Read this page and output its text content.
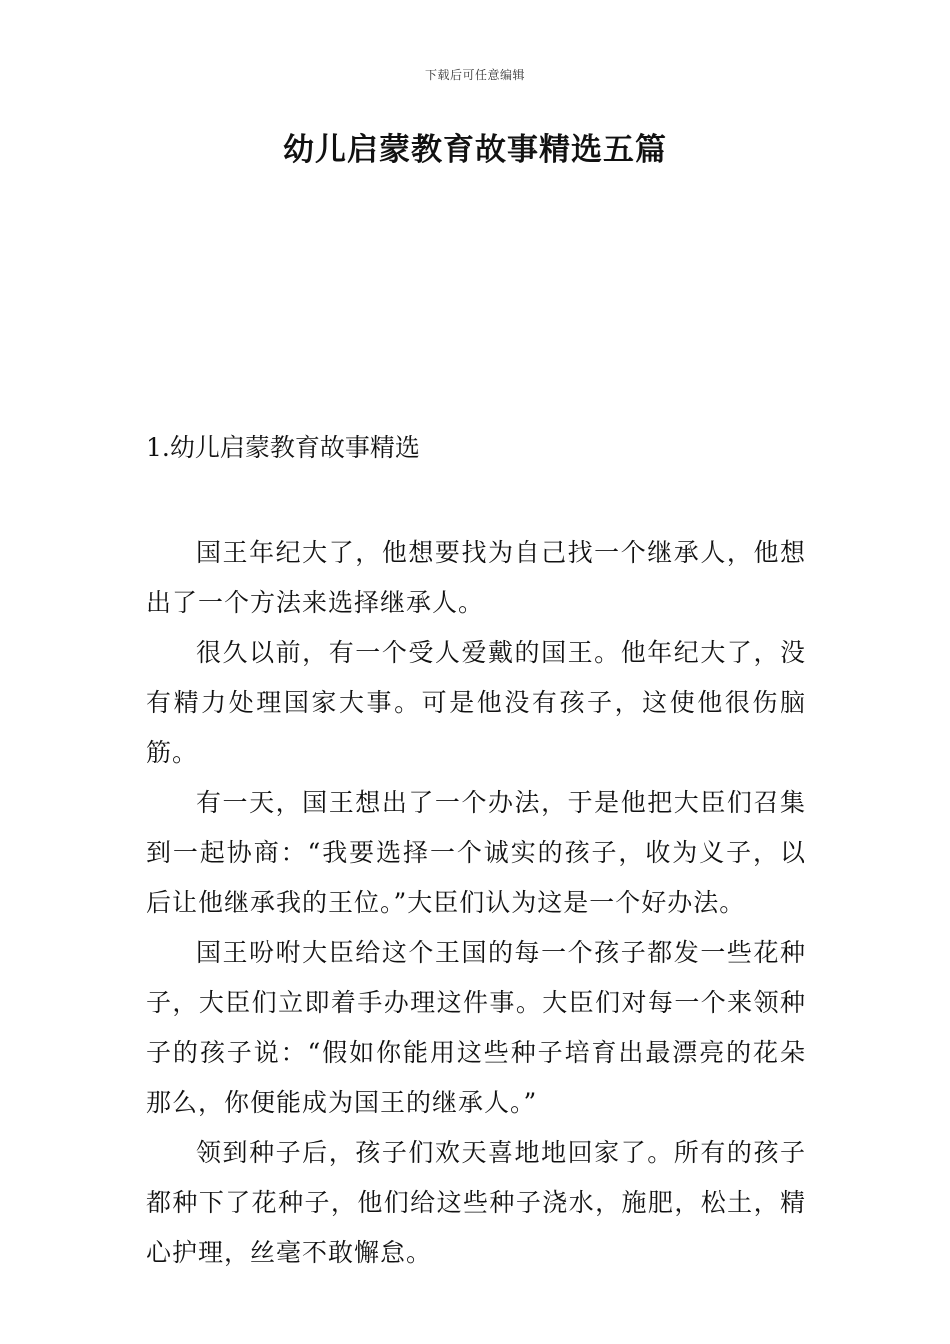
下载后可任意编辑
幼儿启蒙教育故事精选五篇
1.幼儿启蒙教育故事精选

国王年纪大了，他想要找为自己找一个继承人，他想出了一个方法来选择继承人。

很久以前，有一个受人爱戴的国王。他年纪大了，没有精力处理国家大事。可是他没有孩子，这使他很伤脑筋。

有一天，国王想出了一个办法，于是他把大臣们召集到一起协商：“我要选择一个诚实的孩子，收为义子，以后让他继承我的王位。”大臣们认为这是一个好办法。

国王吩咐大臣给这个王国的每一个孩子都发一些花种子，大臣们立即着手办理这件事。大臣们对每一个来领种子的孩子说：“假如你能用这些种子培育出最漂亮的花朵那么，你便能成为国王的继承人。”

领到种子后，孩子们欢天喜地地回家了。所有的孩子都种下了花种子，他们给这些种子浇水，施肥，松土，精心护理，丝毫不敢懈怠。
